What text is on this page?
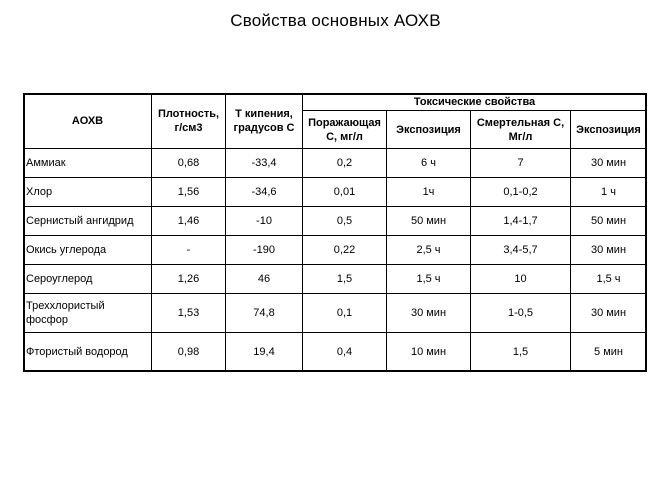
Свойства основных АОХВ
АОХВ	Плотность, г/см3	Т кипения, градусов С	Токсические свойства			
			Поражающая С, мг/л	Экспозиция	Смертельная С, Мг/л	Экспозиция
Аммиак	0,68	-33,4	0,2	6 ч	7	30 мин
Хлор	1,56	-34,6	0,01	1ч	0,1-0,2	1 ч
Сернистый ангидрид	1,46	-10	0,5	50 мин	1,4-1,7	50 мин
Окись углерода	-	-190	0,22	2,5 ч	3,4-5,7	30 мин
Сероуглерод	1,26	46	1,5	1,5 ч	10	1,5 ч
Треххлористый фосфор	1,53	74,8	0,1	30 мин	1-0,5	30 мин
Фтористый водород	0,98	19,4	0,4	10 мин	1,5	5 мин
